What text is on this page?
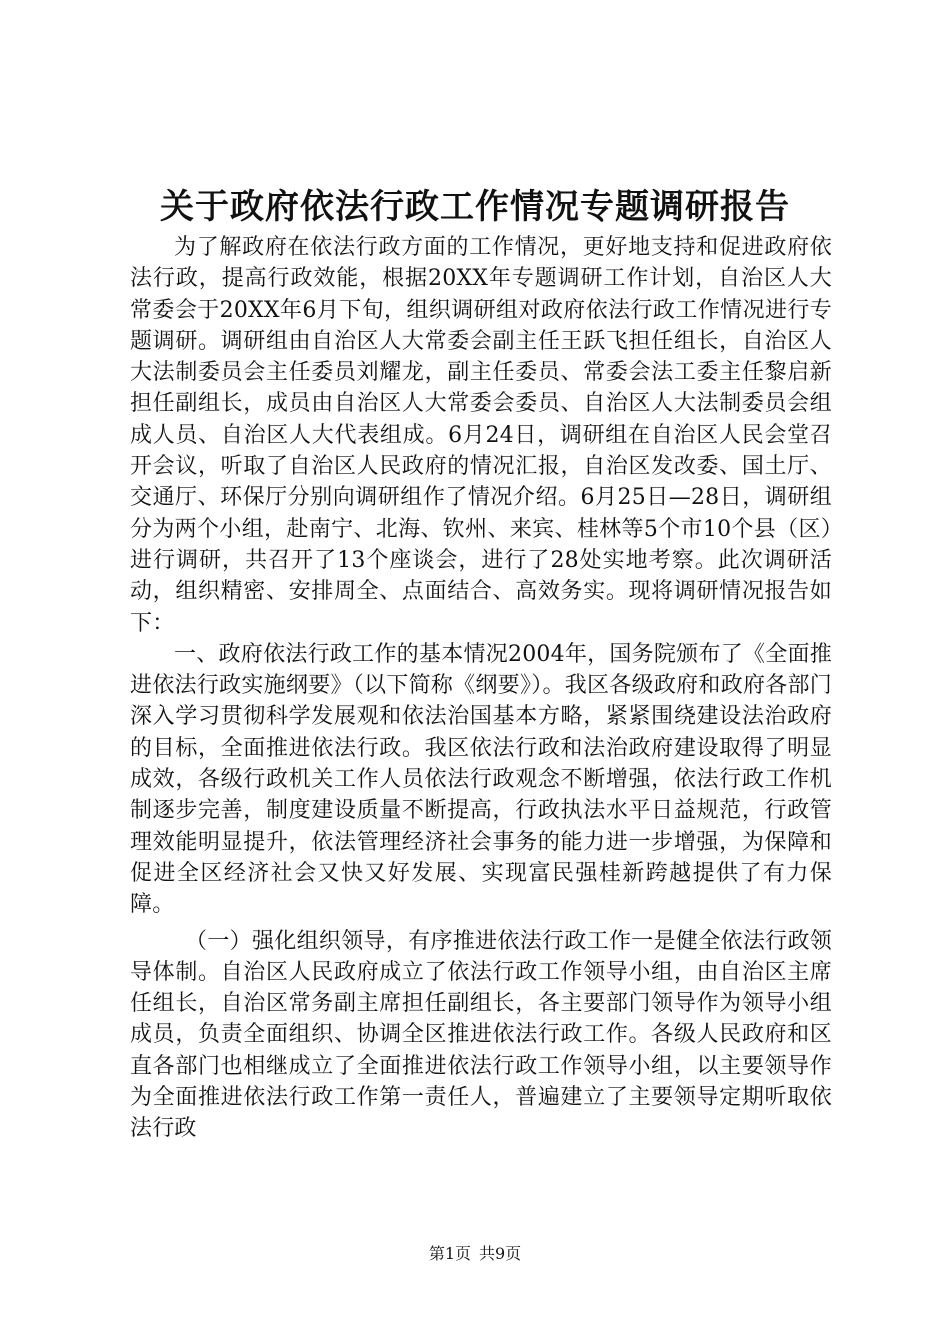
关于政府依法行政工作情况专题调研报告

为了解政府在依法行政方面的工作情况，更好地支持和促进政府依法行政，提高行政效能，根据20XX年专题调研工作计划，自治区人大常委会于20XX年6月下旬，组织调研组对政府依法行政工作情况进行专题调研。调研组由自治区人大常委会副主任王跃飞担任组长，自治区人大法制委员会主任委员刘耀龙，副主任委员、常委会法工委主任黎启新担任副组长，成员由自治区人大常委会委员、自治区人大法制委员会组成人员、自治区人大代表组成。6月24日，调研组在自治区人民会堂召开会议，听取了自治区人民政府的情况汇报，自治区发改委、国土厅、交通厅、环保厅分别向调研组作了情况介绍。6月25日—28日，调研组分为两个小组，赴南宁、北海、钦州、来宾、桂林等5个市10个县（区）进行调研，共召开了13个座谈会，进行了28处实地考察。此次调研活动，组织精密、安排周全、点面结合、高效务实。现将调研情况报告如下：

一、政府依法行政工作的基本情况2004年，国务院颁布了《全面推进依法行政实施纲要》（以下简称《纲要》）。我区各级政府和政府各部门深入学习贯彻科学发展观和依法治国基本方略，紧紧围绕建设法治政府的目标，全面推进依法行政。我区依法行政和法治政府建设取得了明显成效，各级行政机关工作人员依法行政观念不断增强，依法行政工作机制逐步完善，制度建设质量不断提高，行政执法水平日益规范，行政管理效能明显提升，依法管理经济社会事务的能力进一步增强，为保障和促进全区经济社会又快又好发展、实现富民强桂新跨越提供了有力保障。

（一）强化组织领导，有序推进依法行政工作一是健全依法行政领导体制。自治区人民政府成立了依法行政工作领导小组，由自治区主席任组长，自治区常务副主席担任副组长，各主要部门领导作为领导小组成员，负责全面组织、协调全区推进依法行政工作。各级人民政府和区直各部门也相继成立了全面推进依法行政工作领导小组，以主要领导作为全面推进依法行政工作第一责任人，普遍建立了主要领导定期听取依法行政

第1页 共9页
